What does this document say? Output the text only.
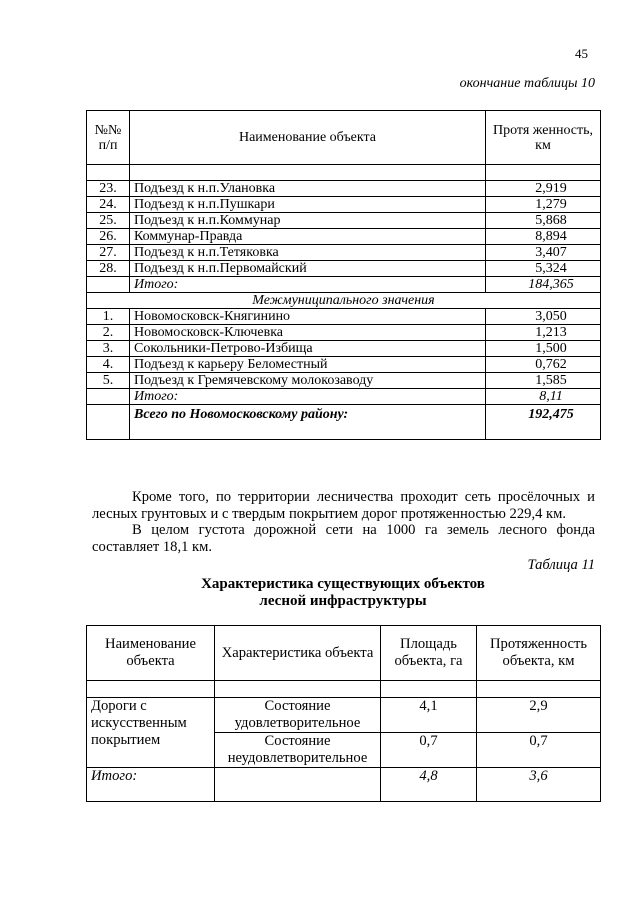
45
окончание таблицы 10
№№ п/п	Наименование объекта	Протя женность, км

23.	Подъезд к н.п.Улановка	2,919
24.	Подъезд к н.п.Пушкари	1,279
25.	Подъезд к н.п.Коммунар	5,868
26.	Коммунар-Правда	8,894
27.	Подъезд к н.п.Тетяковка	3,407
28.	Подъезд к н.п.Первомайский	5,324
	Итого:	184,365
Межмуниципального значения		
1.	Новомосковск-Княгинино	3,050
2.	Новомосковск-Ключевка	1,213
3.	Сокольники-Петрово-Избища	1,500
4.	Подъезд к карьеру Беломестный	0,762
5.	Подъезд к Гремячевскому молокозаводу	1,585
	Итого:	8,11
	Всего по Новомосковскому району:	192,475
Кроме того, по территории лесничества проходит сеть просёлочных и лесных грунтовых и с твердым покрытием дорог протяженностью 229,4 км.
В целом густота дорожной сети на 1000 га земель лесного фонда составляет 18,1 км.
Таблица 11
Характеристика существующих объектов
лесной инфраструктуры
Наименование объекта	Характеристика объекта	Площадь объекта, га	Протяженность объекта, км

Дороги с искусственным покрытием	Состояние удовлетворительное	4,1	2,9
	Состояние неудовлетворительное	0,7	0,7
Итого:		4,8	3,6
